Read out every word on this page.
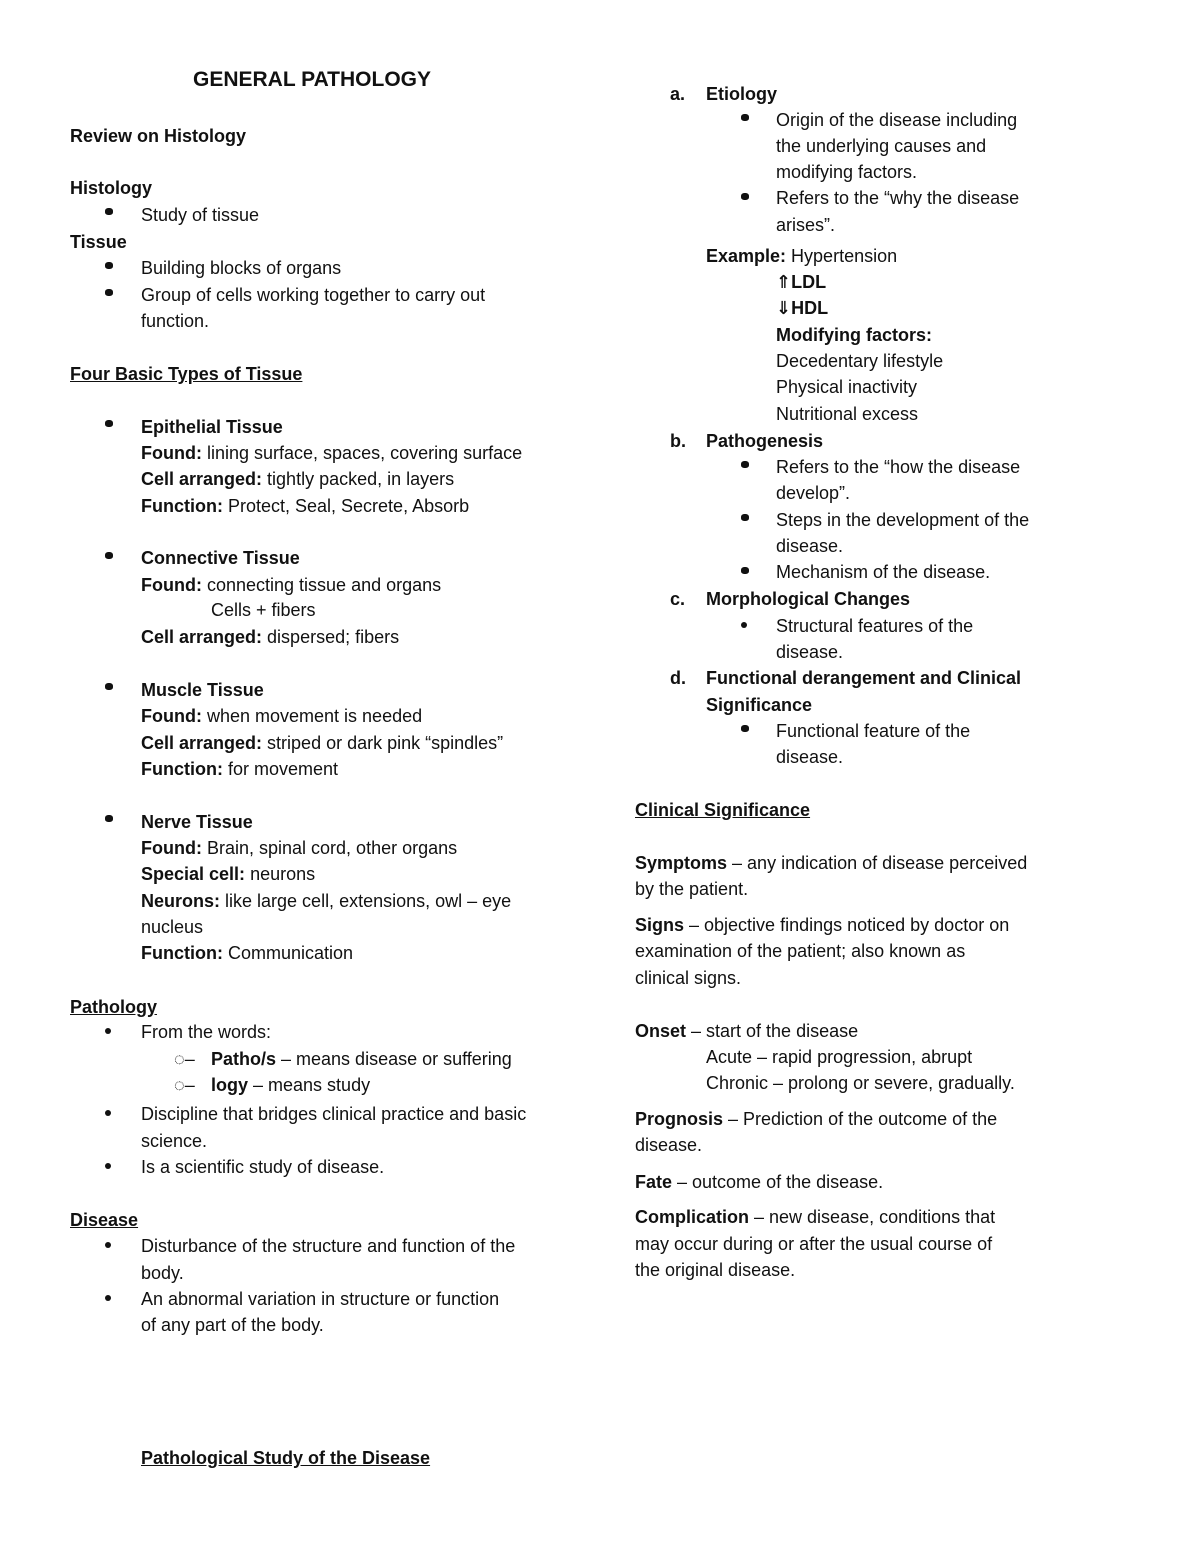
GENERAL PATHOLOGY
Review on Histology
Histology
Study of tissue
Tissue
Building blocks of organs
Group of cells working together to carry out
function.
Four Basic Types of Tissue
Epithelial Tissue
Found: lining surface, spaces, covering surface
Cell arranged: tightly packed, in layers
Function: Protect, Seal, Secrete, Absorb
Connective Tissue
Found: connecting tissue and organs
Cells + fibers
Cell arranged: dispersed; fibers
Muscle Tissue
Found: when movement is needed
Cell arranged: striped or dark pink “spindles”
Function: for movement
Nerve Tissue
Found: Brain, spinal cord, other organs
Special cell: neurons
Neurons: like large cell, extensions, owl – eye
nucleus
Function: Communication
Pathology
From the words:
◌– Patho/s – means disease or suffering
◌– logy – means study
Discipline that bridges clinical practice and basic
science.
Is a scientific study of disease.
Disease
Disturbance of the structure and function of the
body.
An abnormal variation in structure or function
of any part of the body.
Pathological Study of the Disease
a. Etiology
Origin of the disease including
the underlying causes and
modifying factors.
Refers to the “why the disease
arises”.
Example: Hypertension
⇑LDL
⇓HDL
Modifying factors:
Decedentary lifestyle
Physical inactivity
Nutritional excess
b. Pathogenesis
Refers to the “how the disease
develop”.
Steps in the development of the
disease.
Mechanism of the disease.
c. Morphological Changes
Structural features of the
disease.
d. Functional derangement and Clinical
Significance
Functional feature of the
disease.
Clinical Significance
Symptoms – any indication of disease perceived
by the patient.
Signs – objective findings noticed by doctor on
examination of the patient; also known as
clinical signs.
Onset – start of the disease
Acute – rapid progression, abrupt
Chronic – prolong or severe, gradually.
Prognosis – Prediction of the outcome of the
disease.
Fate – outcome of the disease.
Complication – new disease, conditions that
may occur during or after the usual course of
the original disease.
